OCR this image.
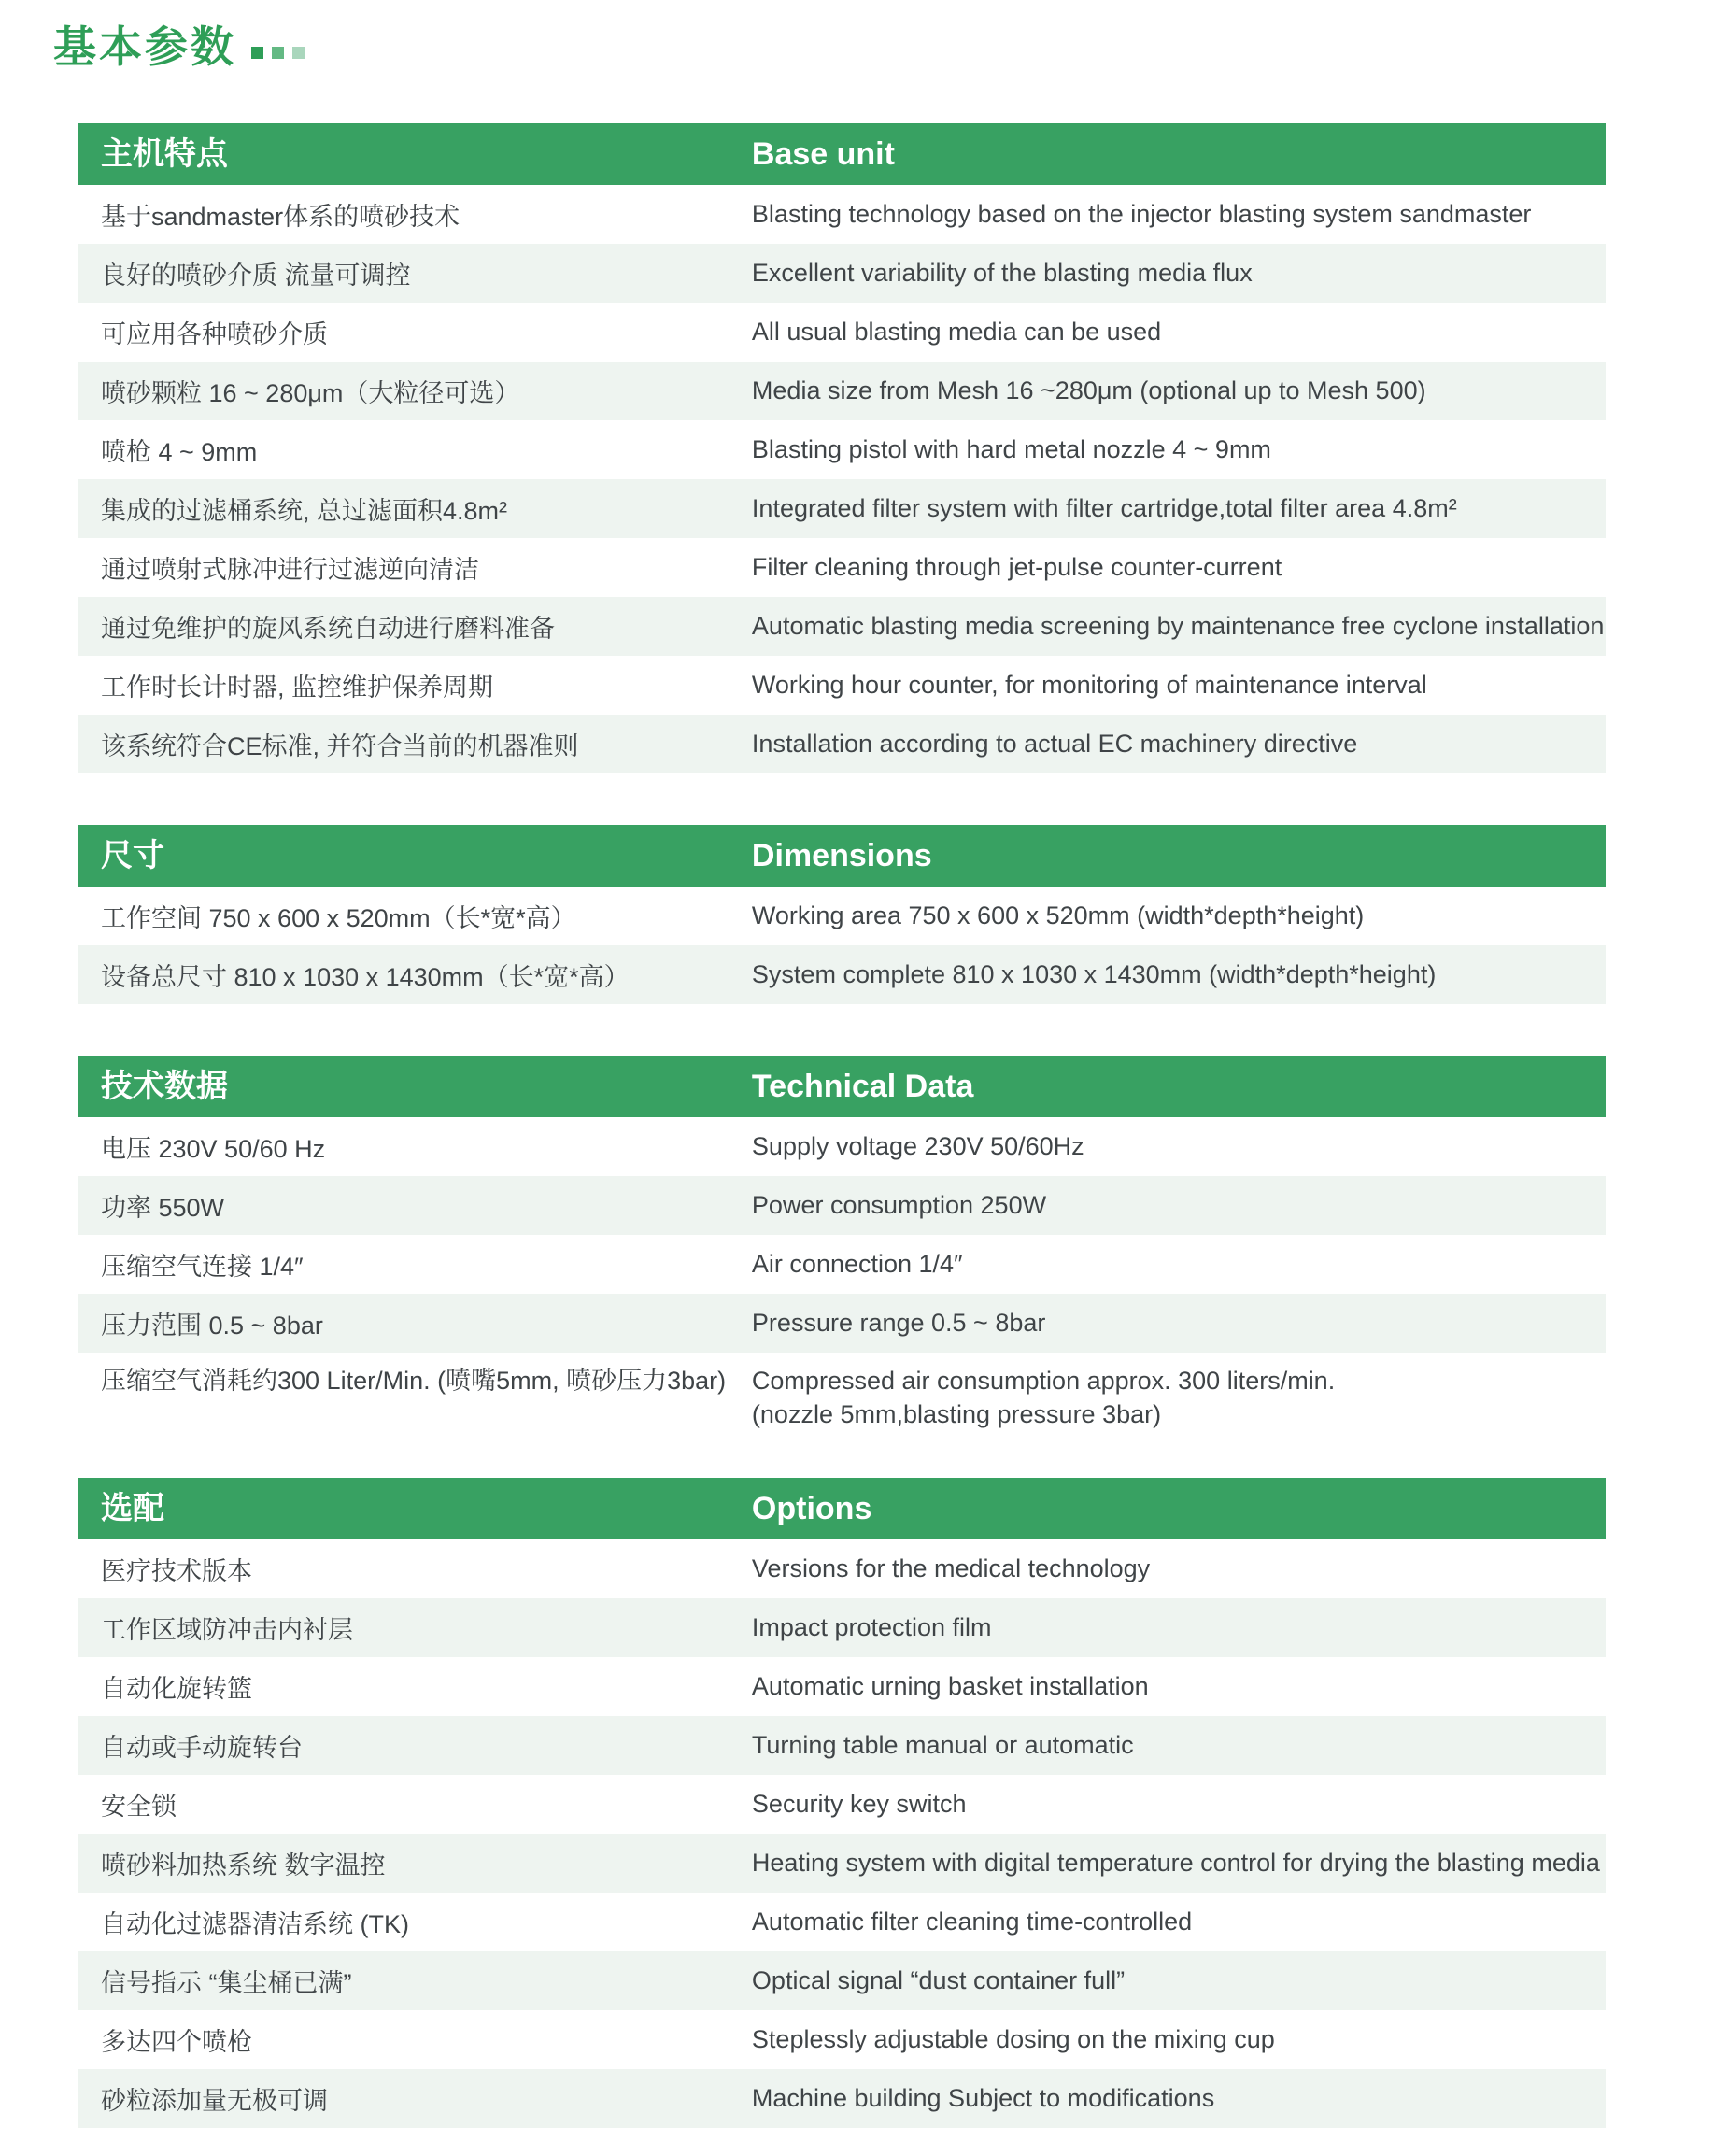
基本参数
主机特点	Base unit
基于sandmaster体系的喷砂技术	Blasting technology based on the injector blasting system sandmaster
良好的喷砂介质 流量可调控	Excellent variability of the blasting media flux
可应用各种喷砂介质	All usual blasting media can be used
喷砂颗粒 16 ~ 280μm（大粒径可选）	Media size from Mesh 16 ~280μm (optional up to Mesh 500)
喷枪 4 ~ 9mm	Blasting pistol with hard metal nozzle 4 ~ 9mm
集成的过滤桶系统, 总过滤面积4.8m²	Integrated filter system with filter cartridge,total filter area 4.8m²
通过喷射式脉冲进行过滤逆向清洁	Filter cleaning through jet-pulse counter-current
通过免维护的旋风系统自动进行磨料准备	Automatic blasting media screening by maintenance free cyclone installation
工作时长计时器, 监控维护保养周期	Working hour counter, for monitoring of maintenance interval
该系统符合CE标准, 并符合当前的机器准则	Installation according to actual EC machinery directive
尺寸	Dimensions
工作空间 750 x 600 x 520mm（长*宽*高）	Working area 750 x 600 x 520mm (width*depth*height)
设备总尺寸 810 x 1030 x 1430mm（长*宽*高）	System complete 810 x 1030 x 1430mm (width*depth*height)
技术数据	Technical Data
电压 230V 50/60 Hz	Supply voltage 230V 50/60Hz
功率 550W	Power consumption 250W
压缩空气连接 1/4″	Air connection 1/4″
压力范围 0.5 ~ 8bar	Pressure range 0.5 ~ 8bar
压缩空气消耗约300 Liter/Min. (喷嘴5mm, 喷砂压力3bar) Compressed air consumption approx. 300 liters/min.
(nozzle 5mm,blasting pressure 3bar)
选配	Options
医疗技术版本	Versions for the medical technology
工作区域防冲击内衬层	Impact protection film
自动化旋转篮	Automatic urning basket installation
自动或手动旋转台	Turning table manual or automatic
安全锁	Security key switch
喷砂料加热系统 数字温控	Heating system with digital temperature control for drying the blasting media
自动化过滤器清洁系统 (TK)	Automatic filter cleaning time-controlled
信号指示 “集尘桶已满”	Optical signal “dust container full”
多达四个喷枪	Steplessly adjustable dosing on the mixing cup
砂粒添加量无极可调	Machine building Subject to modifications
